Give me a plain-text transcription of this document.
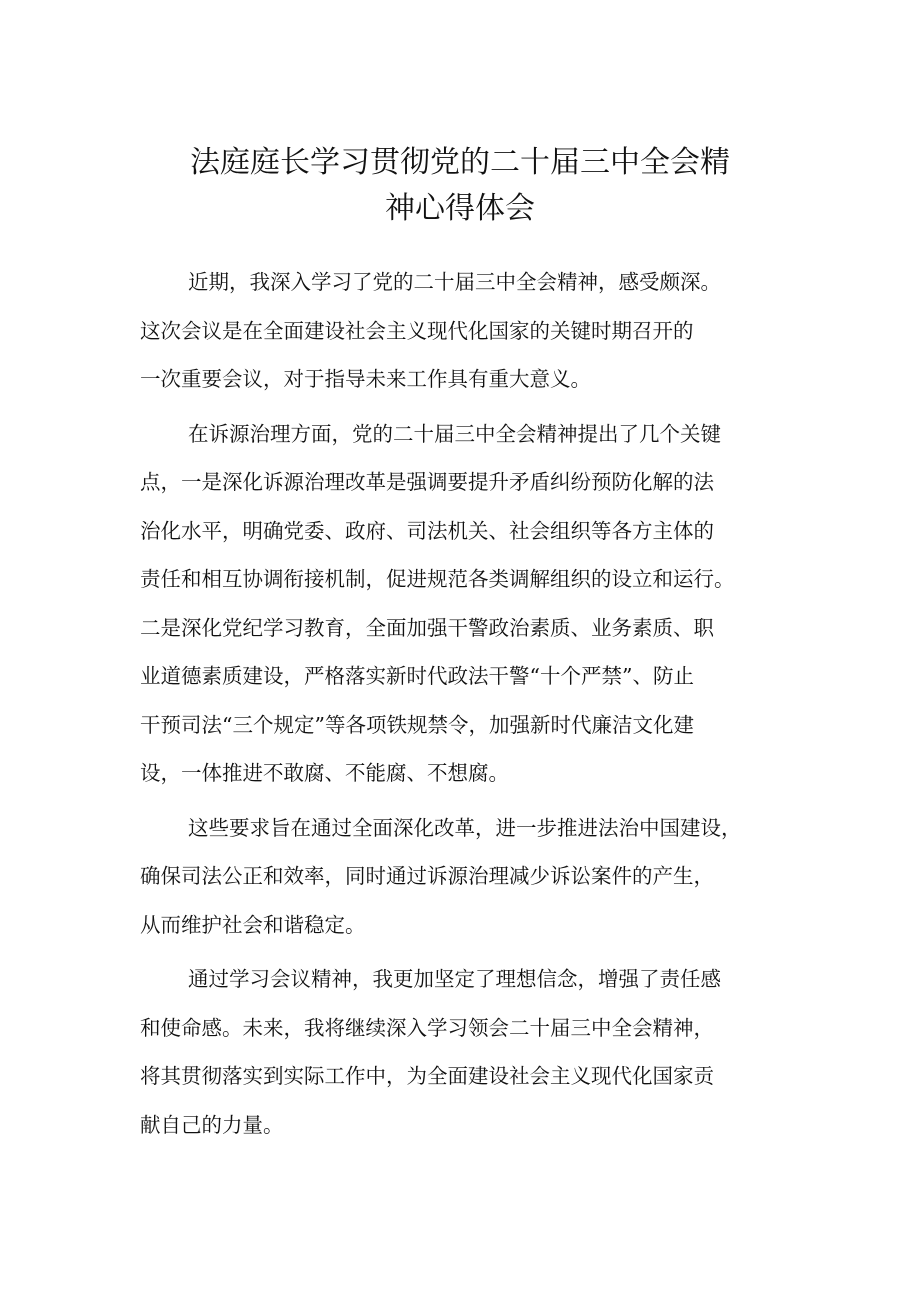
法庭庭长学习贯彻党的二十届三中全会精
神心得体会

近期，我深入学习了党的二十届三中全会精神，感受颇深。
这次会议是在全面建设社会主义现代化国家的关键时期召开的
一次重要会议，对于指导未来工作具有重大意义。

在诉源治理方面，党的二十届三中全会精神提出了几个关键
点，一是深化诉源治理改革是强调要提升矛盾纠纷预防化解的法
治化水平，明确党委、政府、司法机关、社会组织等各方主体的
责任和相互协调衔接机制，促进规范各类调解组织的设立和运行。
二是深化党纪学习教育，全面加强干警政治素质、业务素质、职
业道德素质建设，严格落实新时代政法干警“十个严禁”、防止
干预司法“三个规定”等各项铁规禁令，加强新时代廉洁文化建
设，一体推进不敢腐、不能腐、不想腐。

这些要求旨在通过全面深化改革，进一步推进法治中国建设，
确保司法公正和效率，同时通过诉源治理减少诉讼案件的产生，
从而维护社会和谐稳定。

通过学习会议精神，我更加坚定了理想信念，增强了责任感
和使命感。未来，我将继续深入学习领会二十届三中全会精神，
将其贯彻落实到实际工作中，为全面建设社会主义现代化国家贡
献自己的力量。
